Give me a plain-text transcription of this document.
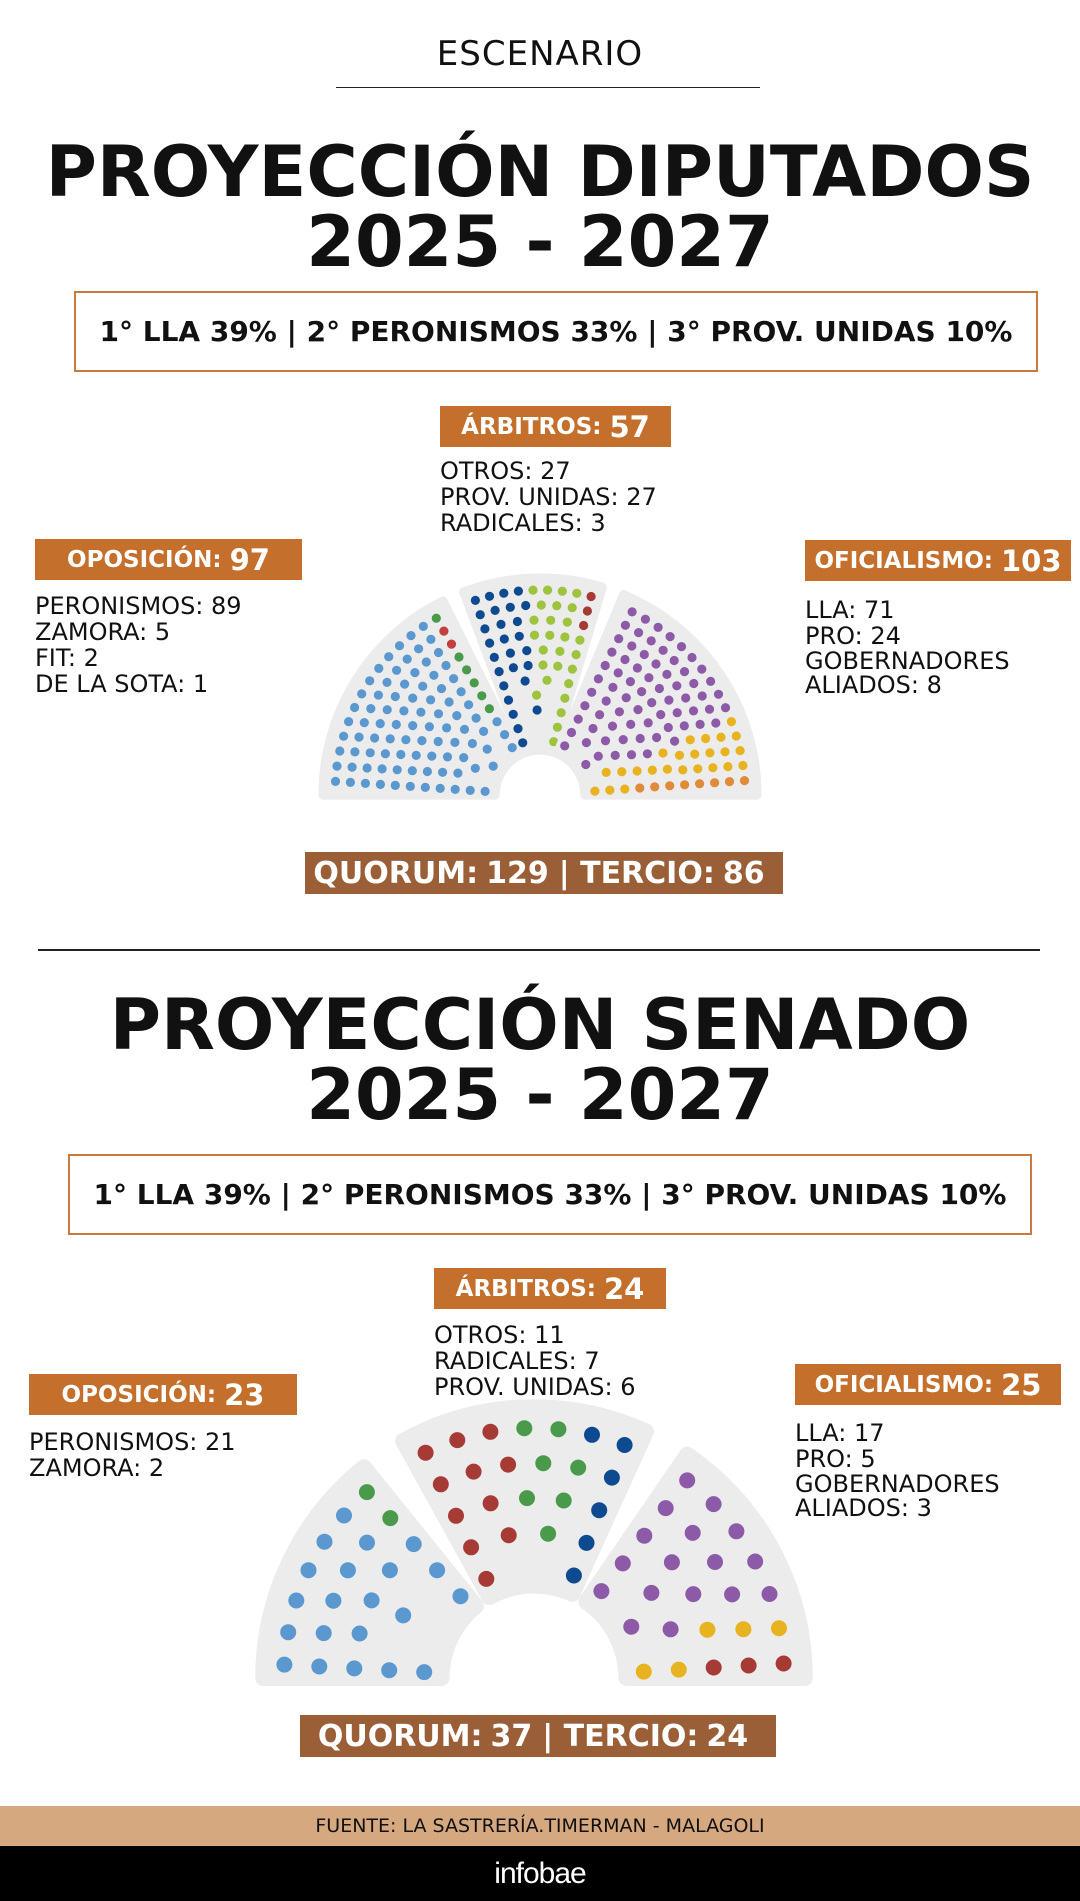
ESCENARIO
PROYECCIÓN DIPUTADOS
2025 - 2027
1° LLA
39% | 2° PERONISMOS
33% | 3° PROV. UNIDAS
10%
ÁRBITROS: 57
OTROS: 27
PROV. UNIDAS: 27
RADICALES: 3
OPOSICIÓN: 97
PERONISMOS: 89
ZAMORA: 5
FIT: 2
DE LA SOTA: 1
OFICIALISMO: 103
LLA: 71
PRO: 24
GOBERNADORES ALIADOS: 8
QUORUM: 129 | TERCIO: 86
PROYECCIÓN SENADO
2025 - 2027
1° LLA
39% | 2° PERONISMOS
33% | 3° PROV. UNIDAS
10%
ÁRBITROS: 24
OTROS: 11
RADICALES: 7
PROV. UNIDAS: 6
OPOSICIÓN: 23
PERONISMOS: 21
ZAMORA: 2
OFICIALISMO: 25
LLA: 17
PRO: 5
GOBERNADORES ALIADOS: 3
QUORUM: 37 | TERCIO: 24
FUENTE: LA SASTRERÍA.TIMERMAN - MALAGOLI
infobae
